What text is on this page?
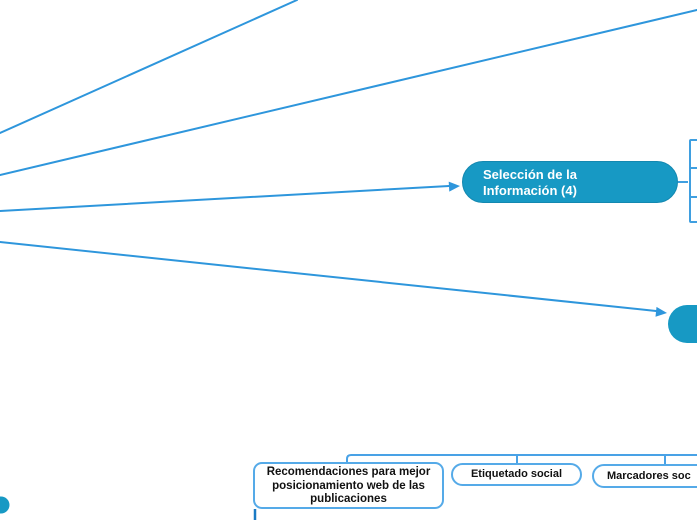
Selección de la Información (4)
Recomendaciones para mejor posicionamiento web de las publicaciones
Etiquetado social	Marcadores soc
